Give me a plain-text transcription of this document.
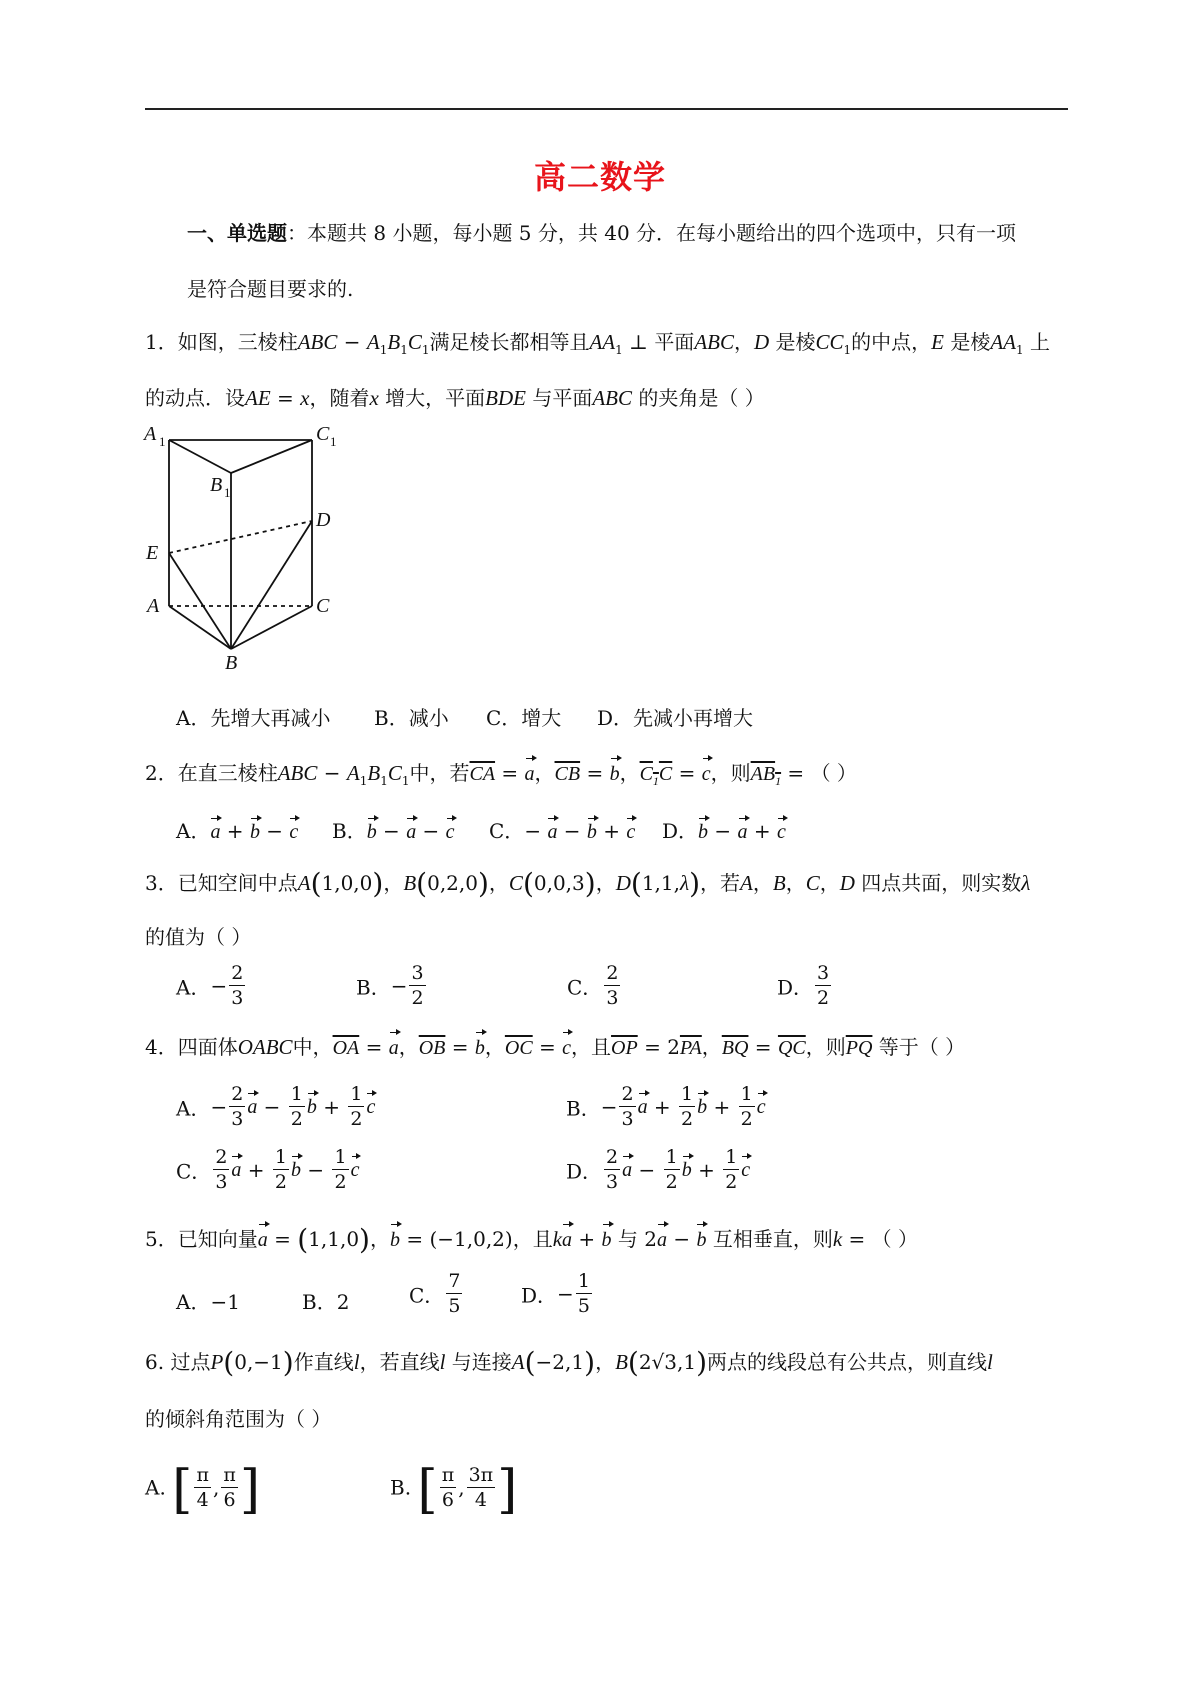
高二数学
一、单选题：本题共 8 小题，每小题 5 分，共 40 分．在每小题给出的四个选项中，只有一项
是符合题目要求的.
1．如图，三棱柱ABC − $A_1B_1C_1$满足棱长都相等且$AA_1$ ⊥ 平面ABC，D 是棱$CC_1$的中点，E 是棱$AA_1$ 上
的动点．设AE = x，随着x 增大，平面BDE 与平面ABC 的夹角是（ ）
A 1	C 1
B 1
D
E
A	C
B
A．先增大再减小 B．减小 C．增大 D．先减小再增大
2．在直三棱柱ABC − $A_1B_1C_1$中，若$\overline{CA} = a$，$\overline{CB} = b$，$C_1C = c$，则$AB_1$ = （ ）
A．a + b − c B．b − a − c C．− a − b + c D．b − a + c
3．已知空间中点A(1,0,0)，B(0,2,0)，C(0,0,3)，D(1,1,λ)，若A，B，C，D 四点共面，则实数λ
的值为（ ）
A．− $\frac{2}{3}$	B．− $\frac{3}{2}$	C． $\frac{2}{3}$	D． $\frac{3}{2}$
4．四面体OABC中，$\overline{OA} = a$，$\overline{OB} = b$，$\overline{OC} = c$，且$\overline{OP} = 2\overline{PA}$，$\overline{BQ} = \overline{QC}$，则$\overline{PQ}$ 等于（ ）
A．− $\frac{2}{3}$ $a - \frac{1}{2}$ $b + \frac{1}{2}$ c	B．− $\frac{2}{3}$ $a + \frac{1}{2}$ $b + \frac{1}{2}$ c
C． $\frac{2}{3}$ $a + \frac{1}{2}$ $b - \frac{1}{2}$ c	D． $\frac{2}{3}$ $a - \frac{1}{2}$ $b + \frac{1}{2}$ c
5．已知向量a = (1,1,0)，b = (−1,0,2)，且ka + b 与 2a − b 互相垂直，则k = （ ）
A．−1	B．2	C． $\frac{7}{5}$	D．− $\frac{1}{5}$
6. 过点P(0,−1)作直线l，若直线l 与连接A(−2,1)，B(2√3,1)两点的线段总有公共点，则直线l
的倾斜角范围为（ ）
A. [ $\frac{\pi}{4}$ , $\frac{\pi}{6}$ ]	B. [ $\frac{\pi}{6}$ , $\frac{3\pi}{4}$ ]
